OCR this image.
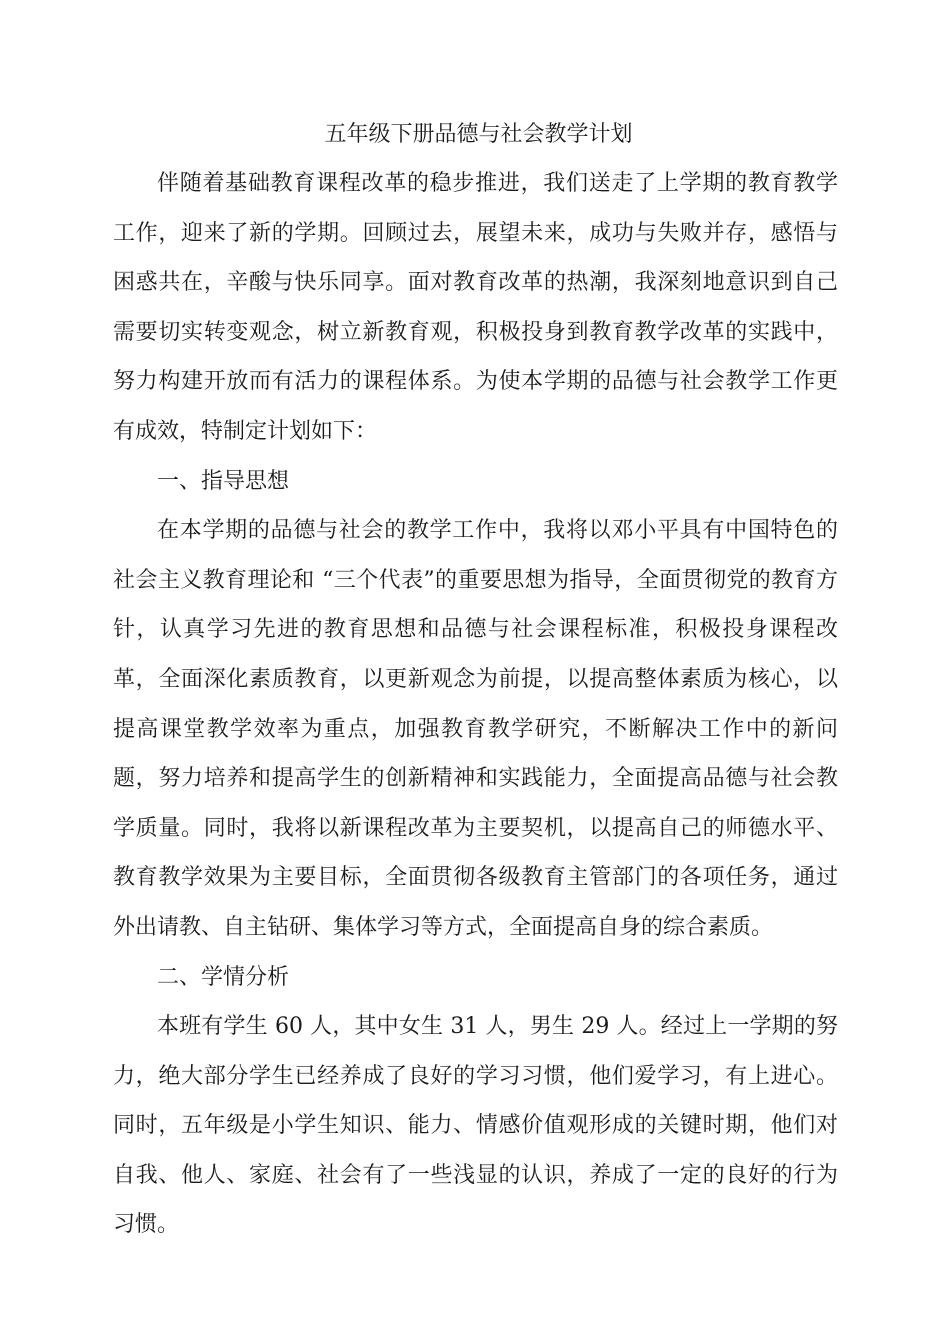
五年级下册品德与社会教学计划

伴随着基础教育课程改革的稳步推进，我们送走了上学期的教育教学工作，迎来了新的学期。回顾过去，展望未来，成功与失败并存，感悟与困惑共在，辛酸与快乐同享。面对教育改革的热潮，我深刻地意识到自己需要切实转变观念，树立新教育观，积极投身到教育教学改革的实践中，努力构建开放而有活力的课程体系。为使本学期的品德与社会教学工作更有成效，特制定计划如下：

一、指导思想

在本学期的品德与社会的教学工作中，我将以邓小平具有中国特色的社会主义教育理论和 “三个代表”的重要思想为指导，全面贯彻党的教育方针，认真学习先进的教育思想和品德与社会课程标准，积极投身课程改革，全面深化素质教育，以更新观念为前提，以提高整体素质为核心，以提高课堂教学效率为重点，加强教育教学研究，不断解决工作中的新问题，努力培养和提高学生的创新精神和实践能力，全面提高品德与社会教学质量。同时，我将以新课程改革为主要契机，以提高自己的师德水平、教育教学效果为主要目标，全面贯彻各级教育主管部门的各项任务，通过外出请教、自主钻研、集体学习等方式，全面提高自身的综合素质。

二、学情分析

本班有学生 60 人，其中女生 31 人，男生 29 人。经过上一学期的努力，绝大部分学生已经养成了良好的学习习惯，他们爱学习，有上进心。同时，五年级是小学生知识、能力、情感价值观形成的关键时期，他们对自我、他人、家庭、社会有了一些浅显的认识，养成了一定的良好的行为习惯。
